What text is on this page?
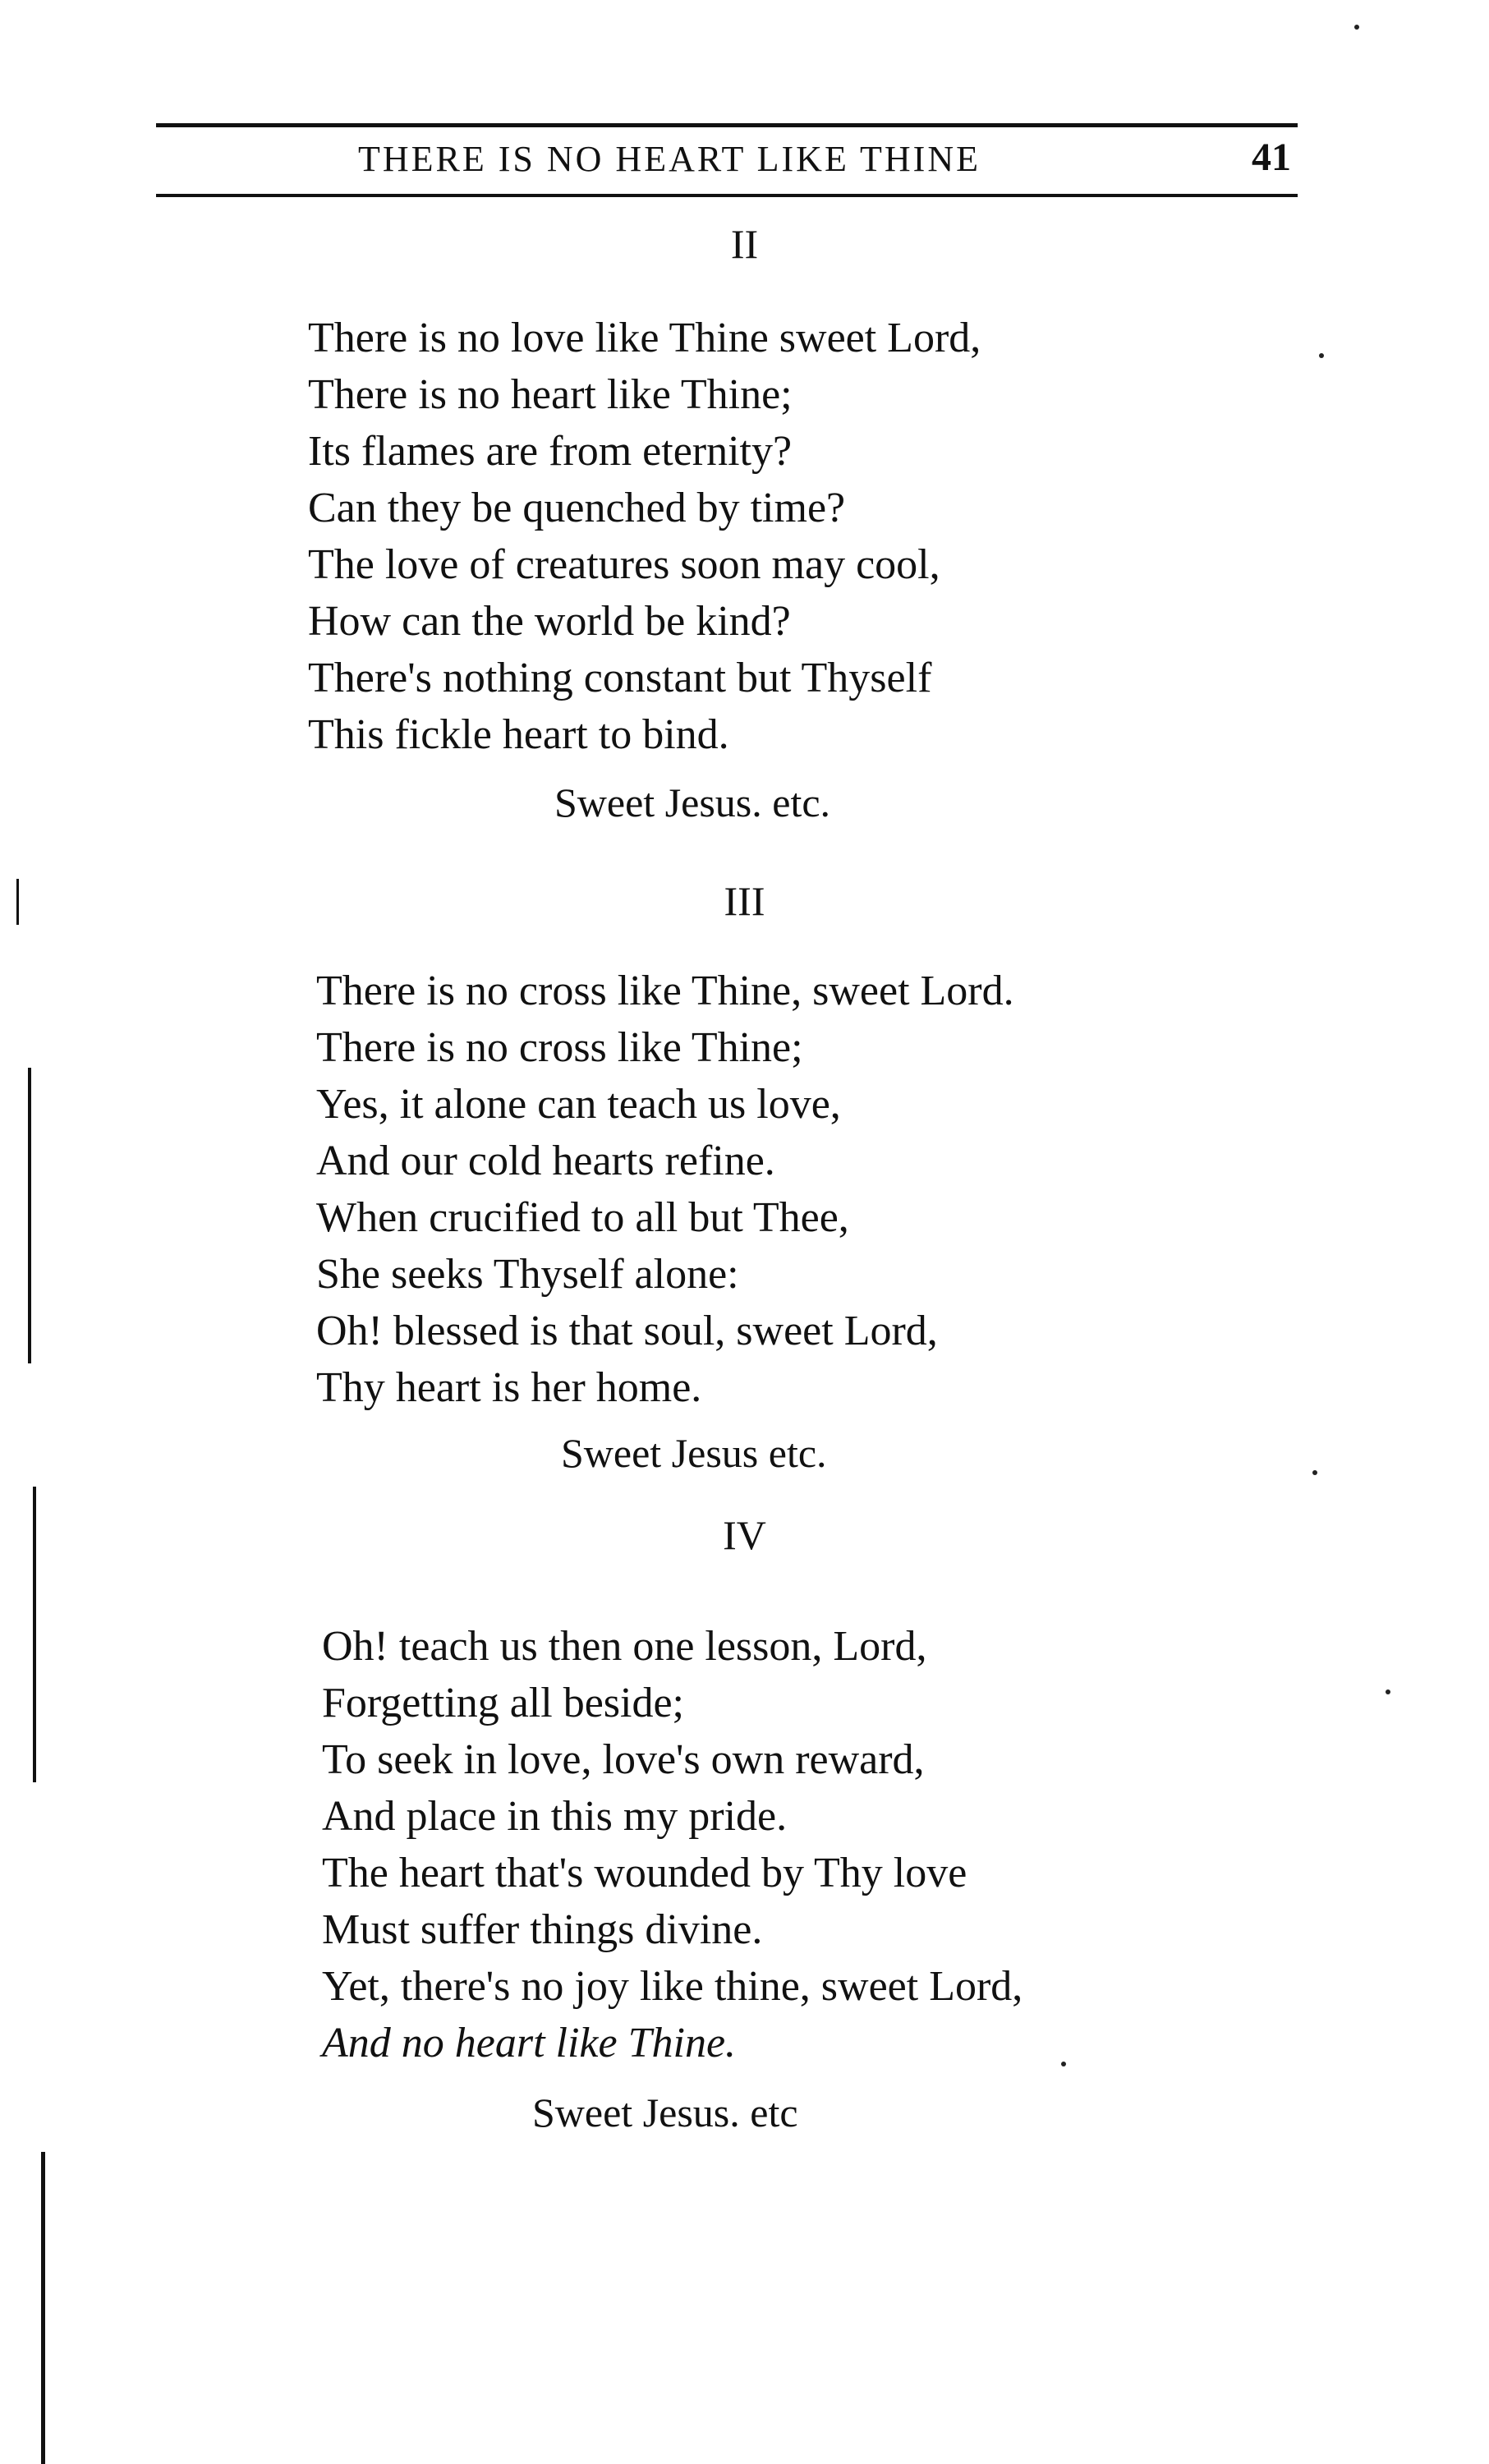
THERE IS NO HEART LIKE THINE	41
II
There is no love like Thine sweet Lord,
There is no heart like Thine;
Its flames are from eternity?
Can they be quenched by time?
The love of creatures soon may cool,
How can the world be kind?
There's nothing constant but Thyself
This fickle heart to bind.
Sweet Jesus. etc.
III
There is no cross like Thine, sweet Lord.
There is no cross like Thine;
Yes, it alone can teach us love,
And our cold hearts refine.
When crucified to all but Thee,
She seeks Thyself alone:
Oh! blessed is that soul, sweet Lord,
Thy heart is her home.
Sweet Jesus etc.
IV
Oh! teach us then one lesson, Lord,
Forgetting all beside;
To seek in love, love's own reward,
And place in this my pride.
The heart that's wounded by Thy love
Must suffer things divine.
Yet, there's no joy like thine, sweet Lord,
And no heart like Thine.
Sweet Jesus. etc
